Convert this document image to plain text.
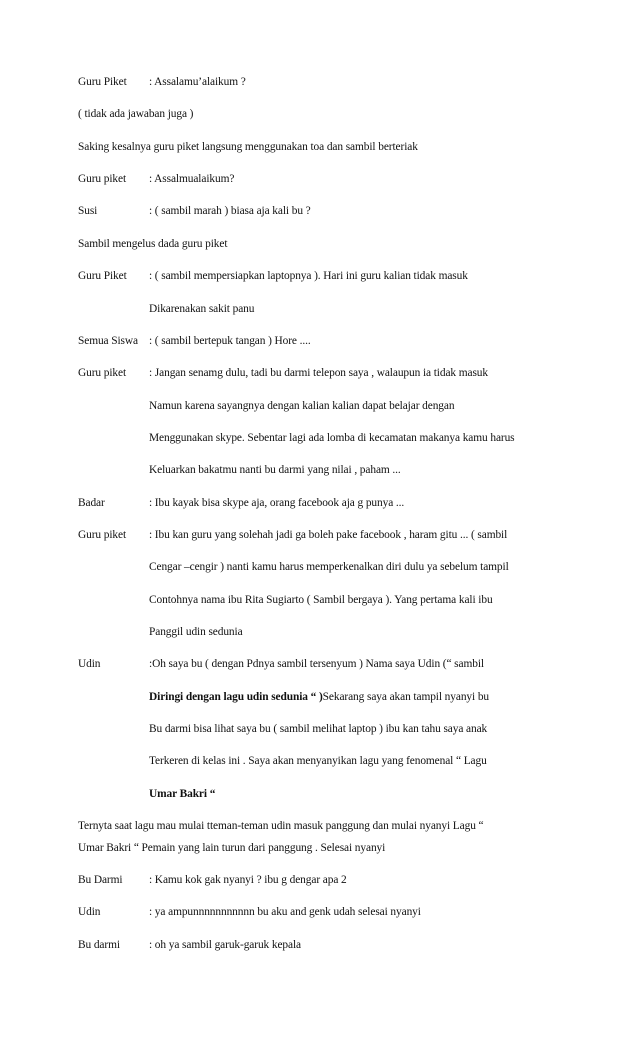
Guru Piket : Assalamu’alaikum ?
( tidak ada jawaban juga )
Saking kesalnya guru piket langsung menggunakan toa dan sambil berteriak
Guru piket : Assalmualaikum?
Susi	: ( sambil marah ) biasa aja kali bu ?
Sambil mengelus dada guru piket
Guru Piket : ( sambil mempersiapkan laptopnya ). Hari ini guru kalian tidak masuk
Dikarenakan sakit panu
Semua Siswa : ( sambil bertepuk tangan ) Hore ....
Guru piket : Jangan senamg dulu, tadi bu darmi telepon saya , walaupun ia tidak masuk
Namun karena sayangnya dengan kalian kalian dapat belajar dengan
Menggunakan skype. Sebentar lagi ada lomba di kecamatan makanya kamu harus
Keluarkan bakatmu nanti bu darmi yang nilai , paham ...
Badar	: Ibu kayak bisa skype aja, orang facebook aja g punya ...
Guru piket : Ibu kan guru yang solehah jadi ga boleh pake facebook , haram gitu ... ( sambil
Cengar –cengir ) nanti kamu harus memperkenalkan diri dulu ya sebelum tampil
Contohnya nama ibu Rita Sugiarto ( Sambil bergaya ). Yang pertama kali ibu
Panggil udin sedunia
Udin	:Oh saya bu ( dengan Pdnya sambil tersenyum ) Nama saya Udin (“ sambil
Diringi dengan lagu udin sedunia “ )Sekarang saya akan tampil nyanyi bu
Bu darmi bisa lihat saya bu ( sambil melihat laptop ) ibu kan tahu saya anak
Terkeren di kelas ini . Saya akan menyanyikan lagu yang fenomenal “ Lagu
Umar Bakri “
Ternyta saat lagu mau mulai tteman-teman udin masuk panggung dan mulai nyanyi Lagu “
Umar Bakri “ Pemain yang lain turun dari panggung . Selesai nyanyi
Bu Darmi : Kamu kok gak nyanyi ? ibu g dengar apa 2
Udin	: ya ampunnnnnnnnnnn bu aku and genk udah selesai nyanyi
Bu darmi	: oh ya sambil garuk-garuk kepala
